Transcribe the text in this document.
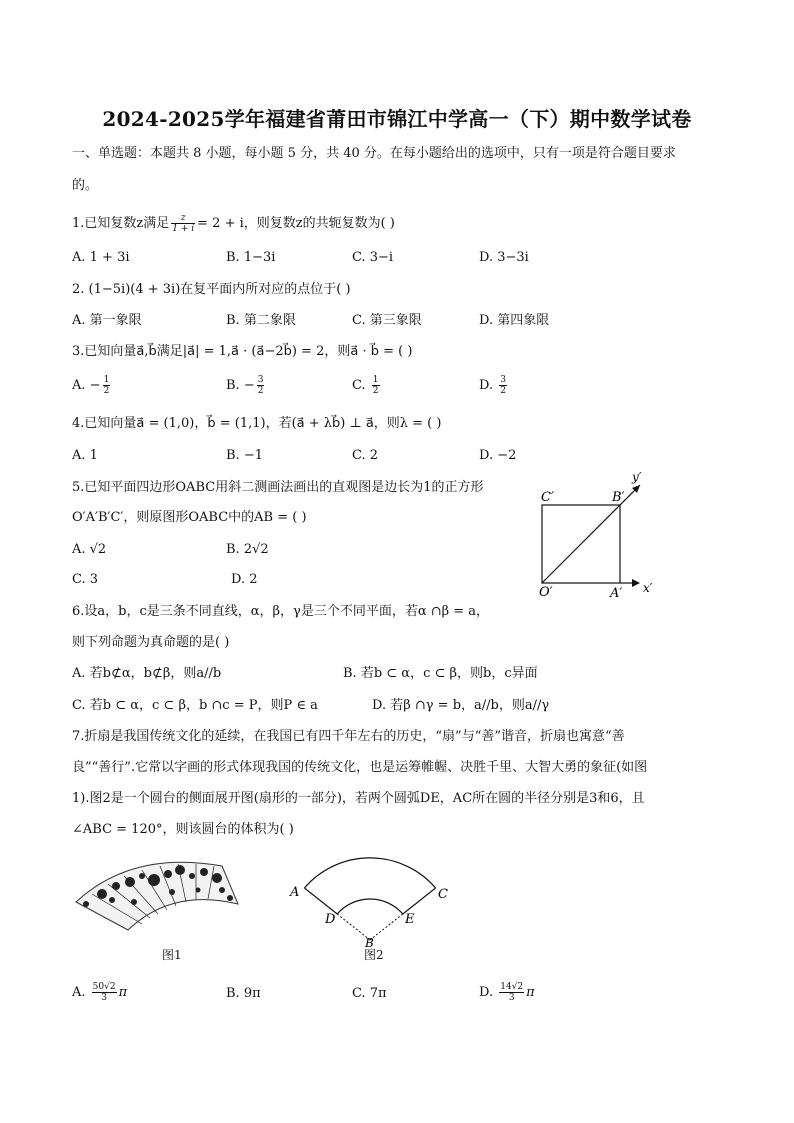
2024-2025学年福建省莆田市锦江中学高一（下）期中数学试卷
一、单选题：本题共 8 小题，每小题 5 分，共 40 分。在每小题给出的选项中，只有一项是符合题目要求
的。
1.已知复数z满足 $\frac{z}{1 + i} = 2 + i$，则复数z的共轭复数为( )
A. 1 + 3i	B. 1−3i	C. 3−i	D. 3−3i
2. (1−5i)(4 + 3i)在复平面内所对应的点位于( )
A. 第一象限	B. 第二象限	C. 第三象限	D. 第四象限
3.已知向量a⃗,b⃗满足|a⃗| = 1,a⃗ · (a⃗−2b⃗) = 2，则a⃗ · b⃗ = ( )
A. − $\frac{1}{2}$	B. − $\frac{3}{2}$	C. $\frac{1}{2}$	D. $\frac{3}{2}$
4.已知向量a⃗ = (1,0)，b⃗ = (1,1)，若(a⃗ + λb⃗) ⊥ a⃗，则λ = ( )
A. 1	B. −1	C. 2	D. −2
5.已知平面四边形OABC用斜二测画法画出的直观图是边长为1的正方形
O′A′B′C′，则原图形OABC中的AB = ( )
A. √2	B. 2√2
C. 3	D. 2
C′	B′
O′	A′ x′
y′
6.设a，b，c是三条不同直线，α，β，γ是三个不同平面，若α ∩β = a，
则下列命题为真命题的是( )
A. 若b⊄α，b⊄β，则a//b	B. 若b ⊂ α，c ⊂ β，则b，c异面
C. 若b ⊂ α，c ⊂ β，b ∩c = P，则P ∈ a	D. 若β ∩γ = b，a//b，则a//γ
7.折扇是我国传统文化的延续，在我国已有四千年左右的历史，“扇”与“善”谐音，折扇也寓意“善
良”“善行”.它常以字画的形式体现我国的传统文化，也是运筹帷幄、决胜千里、大智大勇的象征(如图
1).图2是一个圆台的侧面展开图(扇形的一部分)，若两个圆弧DE，AC所在圆的半径分别是3和6，且
∠ABC = 120°，则该圆台的体积为( )
图1
A	C
D	E
B
图2
A. $\frac{50√2}{3}$ π	B. 9π	C. 7π	D. $\frac{14√2}{3}$ π
